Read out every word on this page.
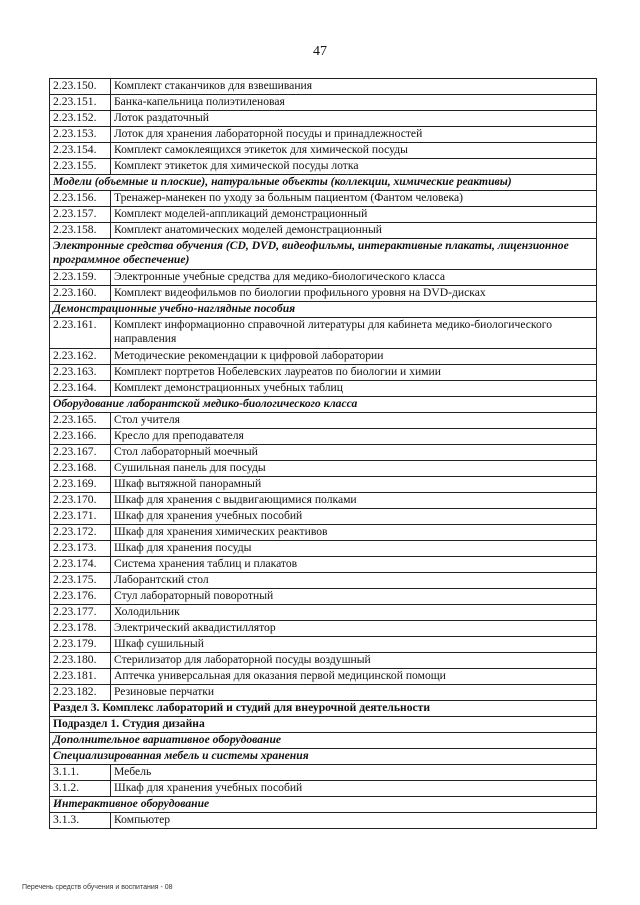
47
2.23.150.	Комплект стаканчиков для взвешивания
2.23.151.	Банка-капельница полиэтиленовая
2.23.152.	Лоток раздаточный
2.23.153.	Лоток для хранения лабораторной посуды и принадлежностей
2.23.154.	Комплект самоклеящихся этикеток для химической посуды
2.23.155.	Комплект этикеток для химической посуды лотка
Модели (объемные и плоские), натуральные объекты (коллекции, химические реактивы)	
2.23.156.	Тренажер-манекен по уходу за больным пациентом (Фантом человека)
2.23.157.	Комплект моделей-аппликаций демонстрационный
2.23.158.	Комплект анатомических моделей демонстрационный
Электронные средства обучения (CD, DVD, видеофильмы, интерактивные плакаты, лицензионное программное обеспечение)	
2.23.159.	Электронные учебные средства для медико-биологического класса
2.23.160.	Комплект видеофильмов по биологии профильного уровня на DVD-дисках
Демонстрационные учебно-наглядные пособия	
2.23.161.	Комплект информационно справочной литературы для кабинета медико-биологического направления
2.23.162.	Методические рекомендации к цифровой лаборатории
2.23.163.	Комплект портретов Нобелевских лауреатов по биологии и химии
2.23.164.	Комплект демонстрационных учебных таблиц
Оборудование лаборантской медико-биологического класса	
2.23.165.	Стол учителя
2.23.166.	Кресло для преподавателя
2.23.167.	Стол лабораторный моечный
2.23.168.	Сушильная панель для посуды
2.23.169.	Шкаф вытяжной панорамный
2.23.170.	Шкаф для хранения с выдвигающимися полками
2.23.171.	Шкаф для хранения учебных пособий
2.23.172.	Шкаф для хранения химических реактивов
2.23.173.	Шкаф для хранения посуды
2.23.174.	Система хранения таблиц и плакатов
2.23.175.	Лаборантский стол
2.23.176.	Стул лабораторный поворотный
2.23.177.	Холодильник
2.23.178.	Электрический аквадистиллятор
2.23.179.	Шкаф сушильный
2.23.180.	Стерилизатор для лабораторной посуды воздушный
2.23.181.	Аптечка универсальная для оказания первой медицинской помощи
2.23.182.	Резиновые перчатки
Раздел 3. Комплекс лабораторий и студий для внеурочной деятельности	
Подраздел 1. Студия дизайна	
Дополнительное вариативное оборудование	
Специализированная мебель и системы хранения	
3.1.1.	Мебель
3.1.2.	Шкаф для хранения учебных пособий
Интерактивное оборудование	
3.1.3.	Компьютер
Перечень средств обучения и воспитания - 08
